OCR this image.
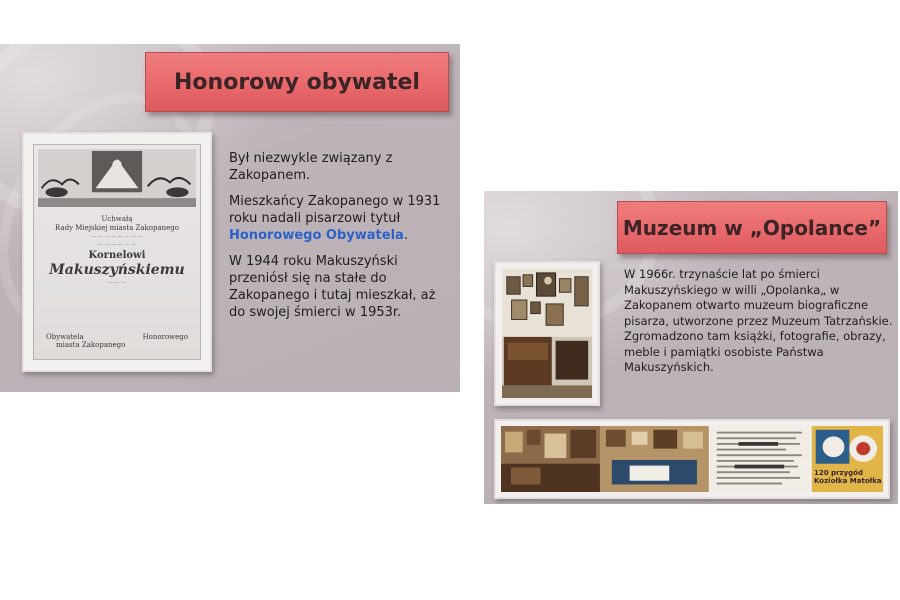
Honorowy obywatel
Uchwałą
Rady Miejskiej miasta Zakopanego
— — — — — — — —
— — — — — —
Kornelowi
Makuszyńskiemu
— — —
Obywatela
miasta Zakopanego
Honorowego

Był niezwykle związany z Zakopanem.

Mieszkańcy Zakopanego w 1931 roku nadali pisarzowi tytuł Honorowego Obywatela.

W 1944 roku Makuszyński przeniósł się na stałe do Zakopanego i tutaj mieszkał, aż do swojej śmierci w 1953r.

Muzeum w „Opolance”
W 1966r. trzynaście lat po śmierci Makuszyńskiego w willi „Opolanka„ w Zakopanem otwarto muzeum biograficzne pisarza, utworzone przez Muzeum Tatrzańskie.
Zgromadzono tam książki, fotografie, obrazy, meble i pamiątki osobiste Państwa Makuszyńskich.
120 przygód Koziołka Matołka
